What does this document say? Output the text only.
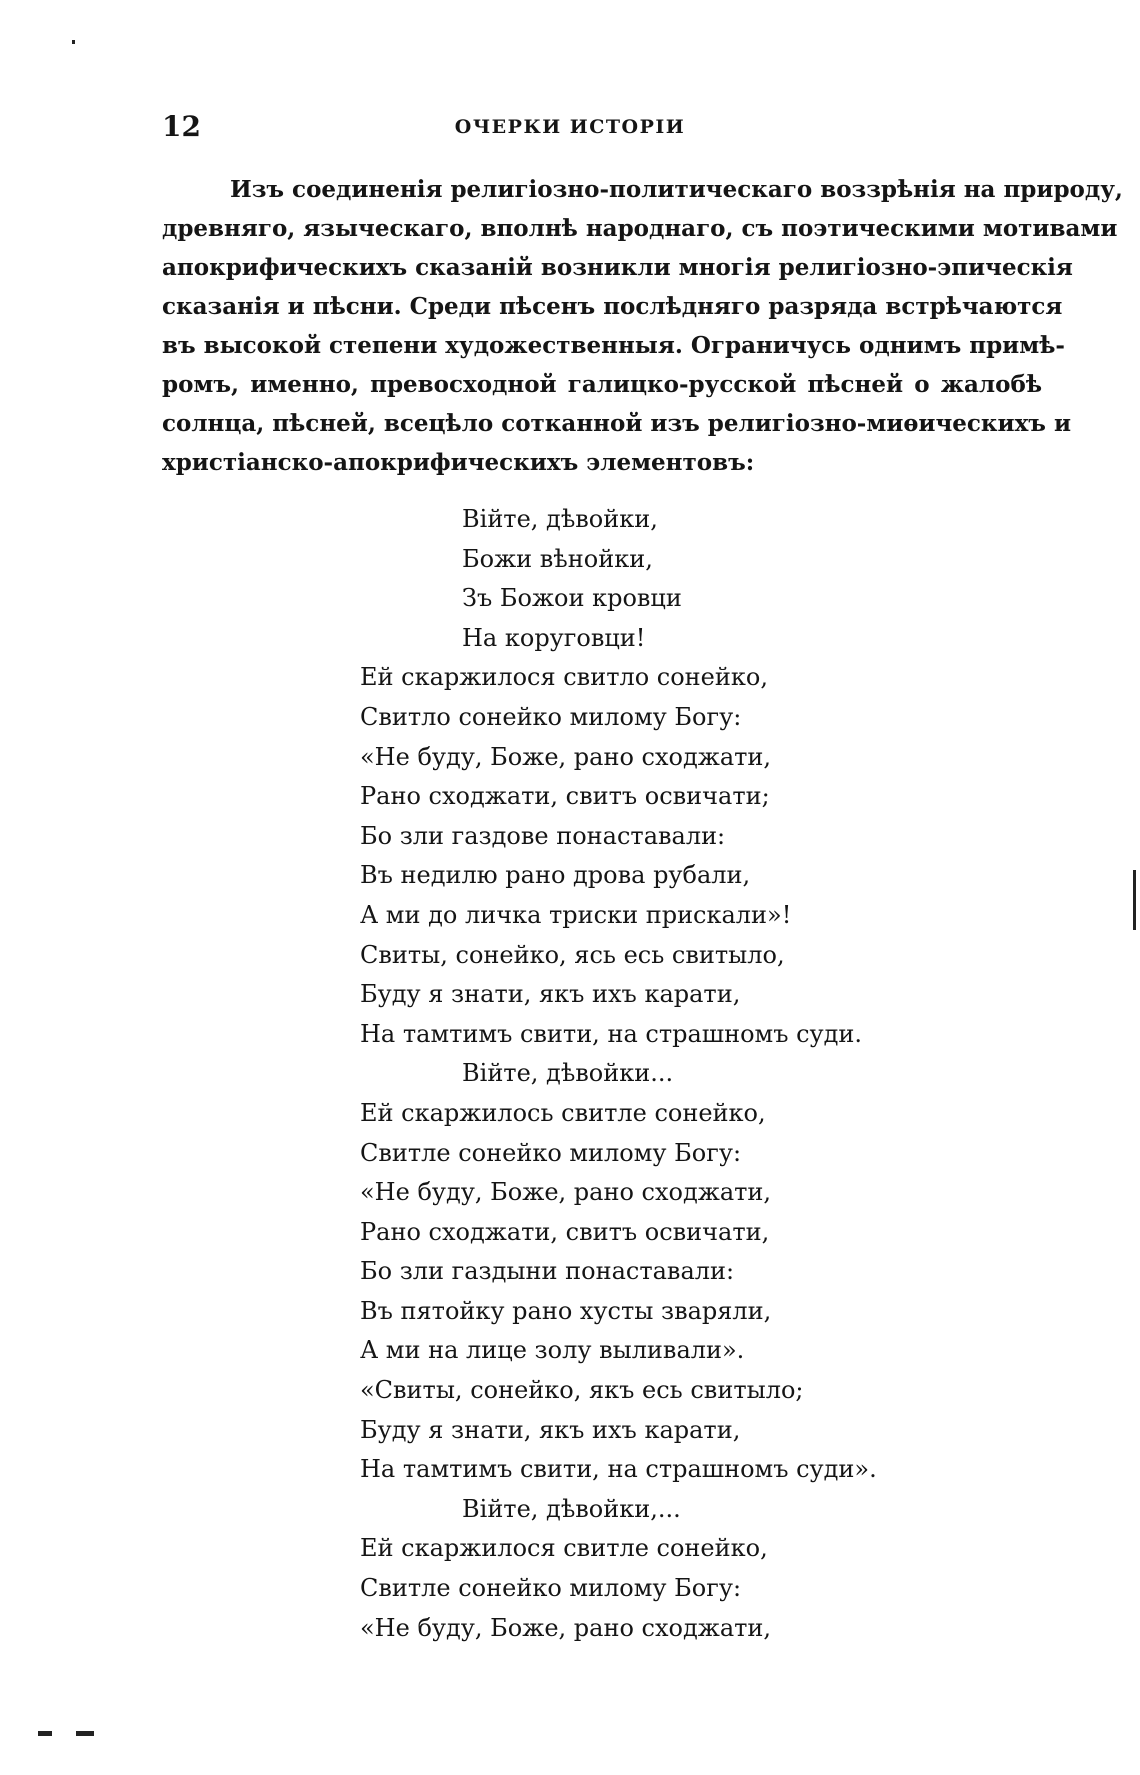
12	ОЧЕРКИ ИСТОРІИ
Изъ соединенія религіозно-политическаго воззрѣнія на природу,
древняго, языческаго, вполнѣ народнаго, съ поэтическими мотивами
апокрифическихъ сказаній возникли многія религіозно-эпическія
сказанія и пѣсни. Среди пѣсенъ послѣдняго разряда встрѣчаются
въ высокой степени художественныя. Ограничусь однимъ примѣ-
ромъ, именно, превосходной галицко-русской пѣсней о жалобѣ
солнца, пѣсней, всецѣло сотканной изъ религіозно-миѳическихъ и
христіанско-апокрифическихъ элементовъ:
Війте, дѣвойки,
Божи вѣнойки,
Зъ Божои кровци
На коруговци!
Ей скаржилося свитло сонейко,
Свитло сонейко милому Богу:
«Не буду, Боже, рано сходжати,
Рано сходжати, свитъ освичати;
Бо зли газдове понаставали:
Въ недилю рано дрова рубали,
А ми до личка триски прискали»!
Свиты, сонейко, ясь есь свитыло,
Буду я знати, якъ ихъ карати,
На тамтимъ свити, на страшномъ суди.
Війте, дѣвойки...
Ей скаржилось свитле сонейко,
Свитле сонейко милому Богу:
«Не буду, Боже, рано сходжати,
Рано сходжати, свитъ освичати,
Бо зли газдыни понаставали:
Въ пятойку рано хусты зваряли,
А ми на лице золу выливали».
«Свиты, сонейко, якъ есь свитыло;
Буду я знати, якъ ихъ карати,
На тамтимъ свити, на страшномъ суди».
Війте, дѣвойки,...
Ей скаржилося свитле сонейко,
Свитле сонейко милому Богу:
«Не буду, Боже, рано сходжати,
